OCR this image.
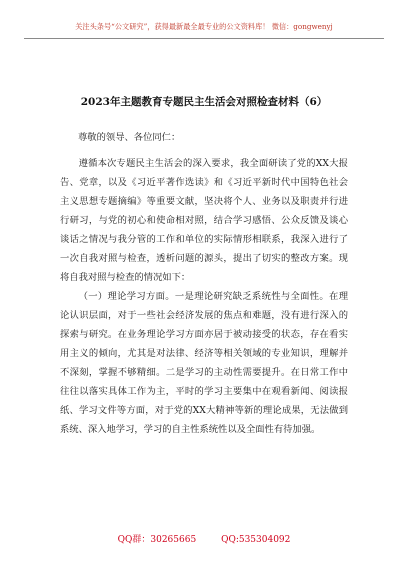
关注头条号“公文研究”，获得最新最全最专业的公文资料库！ 微信：gongwenyj
2023年主题教育专题民主生活会对照检查材料（6）

尊敬的领导、各位同仁：

遵循本次专题民主生活会的深入要求，我全面研读了党的XX大报告、党章，以及《习近平著作选读》和《习近平新时代中国特色社会主义思想专题摘编》等重要文献，坚决将个人、业务以及职责并行进行研习，与党的初心和使命相对照，结合学习感悟、公众反馈及谈心谈话之情况与我分管的工作和单位的实际情形相联系，我深入进行了一次自我对照与检查，透析问题的源头，提出了切实的整改方案。现将自我对照与检查的情况如下：

（一）理论学习方面。一是理论研究缺乏系统性与全面性。在理论认识层面，对于一些社会经济发展的焦点和难题，没有进行深入的探索与研究。在业务理论学习方面亦居于被动接受的状态，存在看实用主义的倾向，尤其是对法律、经济等相关领域的专业知识，理解并不深刻，掌握不够精细。二是学习的主动性需要提升。在日常工作中往往以落实具体工作为主，平时的学习主要集中在观看新闻、阅读报纸、学习文件等方面，对于党的XX大精神等新的理论成果，无法做到系统、深入地学习，学习的自主性系统性以及全面性有待加强。

QQ群：30265665	QQ:535304092
